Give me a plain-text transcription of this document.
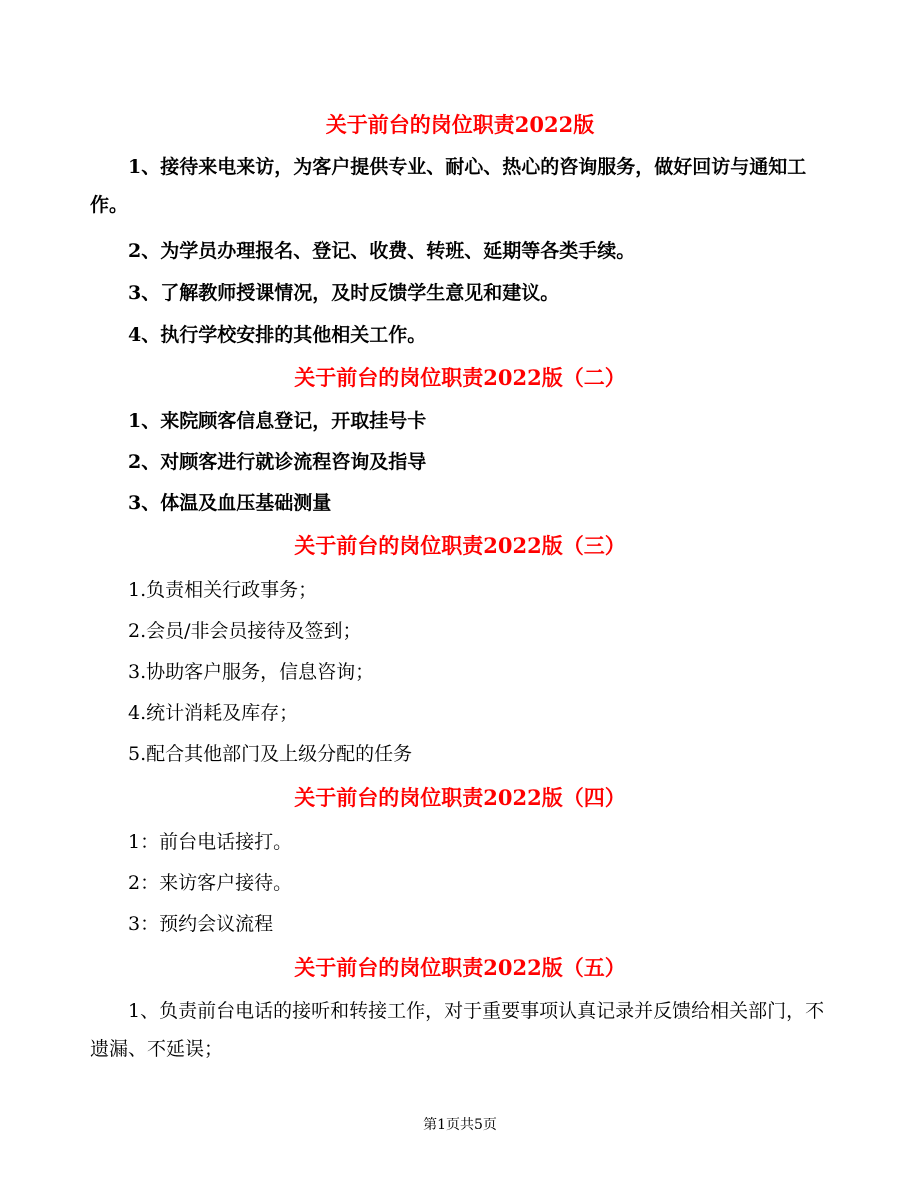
关于前台的岗位职责2022版
1、接待来电来访，为客户提供专业、耐心、热心的咨询服务，做好回访与通知工作。
2、为学员办理报名、登记、收费、转班、延期等各类手续。
3、了解教师授课情况，及时反馈学生意见和建议。
4、执行学校安排的其他相关工作。
关于前台的岗位职责2022版（二）
1、来院顾客信息登记，开取挂号卡
2、对顾客进行就诊流程咨询及指导
3、体温及血压基础测量
关于前台的岗位职责2022版（三）
1.负责相关行政事务；
2.会员/非会员接待及签到；
3.协助客户服务，信息咨询；
4.统计消耗及库存；
5.配合其他部门及上级分配的任务
关于前台的岗位职责2022版（四）
1：前台电话接打。
2：来访客户接待。
3：预约会议流程
关于前台的岗位职责2022版（五）
1、负责前台电话的接听和转接工作，对于重要事项认真记录并反馈给相关部门，不遗漏、不延误；
第1页共5页
